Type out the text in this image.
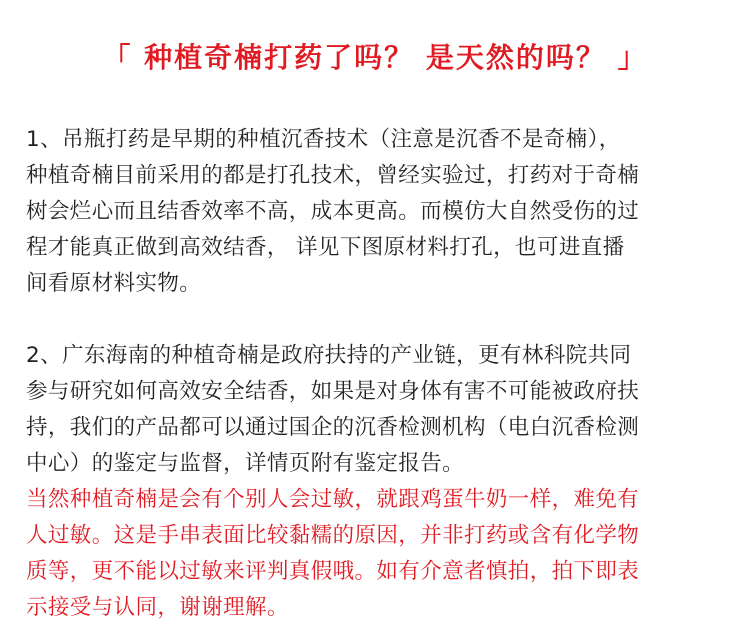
「 种植奇楠打药了吗？ 是天然的吗？ 」
1、吊瓶打药是早期的种植沉香技术（注意是沉香不是奇楠），
种植奇楠目前采用的都是打孔技术，曾经实验过，打药对于奇楠
树会烂心而且结香效率不高，成本更高。而模仿大自然受伤的过
程才能真正做到高效结香， 详见下图原材料打孔，也可进直播
间看原材料实物。
2、广东海南的种植奇楠是政府扶持的产业链，更有林科院共同
参与研究如何高效安全结香，如果是对身体有害不可能被政府扶
持，我们的产品都可以通过国企的沉香检测机构（电白沉香检测
中心）的鉴定与监督，详情页附有鉴定报告。
当然种植奇楠是会有个别人会过敏，就跟鸡蛋牛奶一样，难免有
人过敏。这是手串表面比较黏糯的原因，并非打药或含有化学物
质等，更不能以过敏来评判真假哦。如有介意者慎拍，拍下即表
示接受与认同，谢谢理解。
